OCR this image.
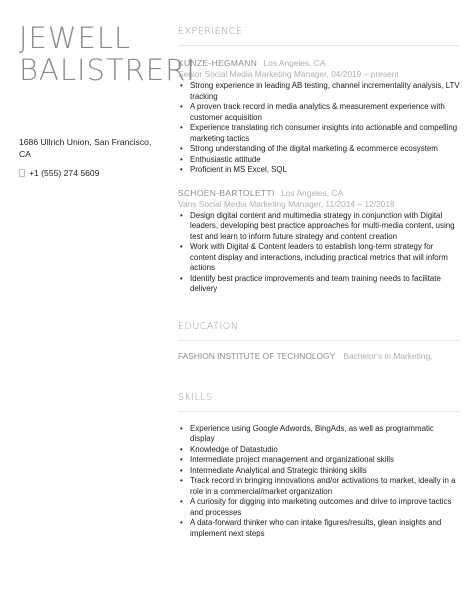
JEWELL
BALISTRERI
1686 Ullrich Union, San Francisco, CA
+1 (555) 274 5609
EXPERIENCE
KUNZE-HEGMANN Los Angeles, CA
Senior Social Media Marketing Manager, 04/2019 – present
• Strong experience in leading AB testing, channel incrementality analysis, LTV tracking
• A proven track record in media analytics & measurement experience with customer acquisition
• Experience translating rich consumer insights into actionable and compelling marketing tactics
• Strong understanding of the digital marketing & ecommerce ecosystem
• Enthusiastic attitude
• Proficient in MS Excel, SQL
SCHOEN-BARTOLETTI Los Angeles, CA
Vans Social Media Marketing Manager, 11/2014 – 12/2018
• Design digital content and multimedia strategy in conjunction with Digital leaders, developing best practice approaches for multi-media content, using test and learn to inform future strategy and content creation
• Work with Digital & Content leaders to establish long-term strategy for content display and interactions, including practical metrics that will inform actions
• Identify best practice improvements and team training needs to facilitate delivery
EDUCATION
FASHION INSTITUTE OF TECHNOLOGY Bachelor's in Marketing,
SKILLS
• Experience using Google Adwords, BingAds, as well as programmatic display
• Knowledge of Datastudio
• Intermediate project management and organizational skills
• Intermediate Analytical and Strategic thinking skills
• Track record in bringing innovations and/or activations to market, ideally in a role in a commercial/market organization
• A curiosity for digging into marketing outcomes and drive to improve tactics and processes
• A data-forward thinker who can intake figures/results, glean insights and implement next steps
